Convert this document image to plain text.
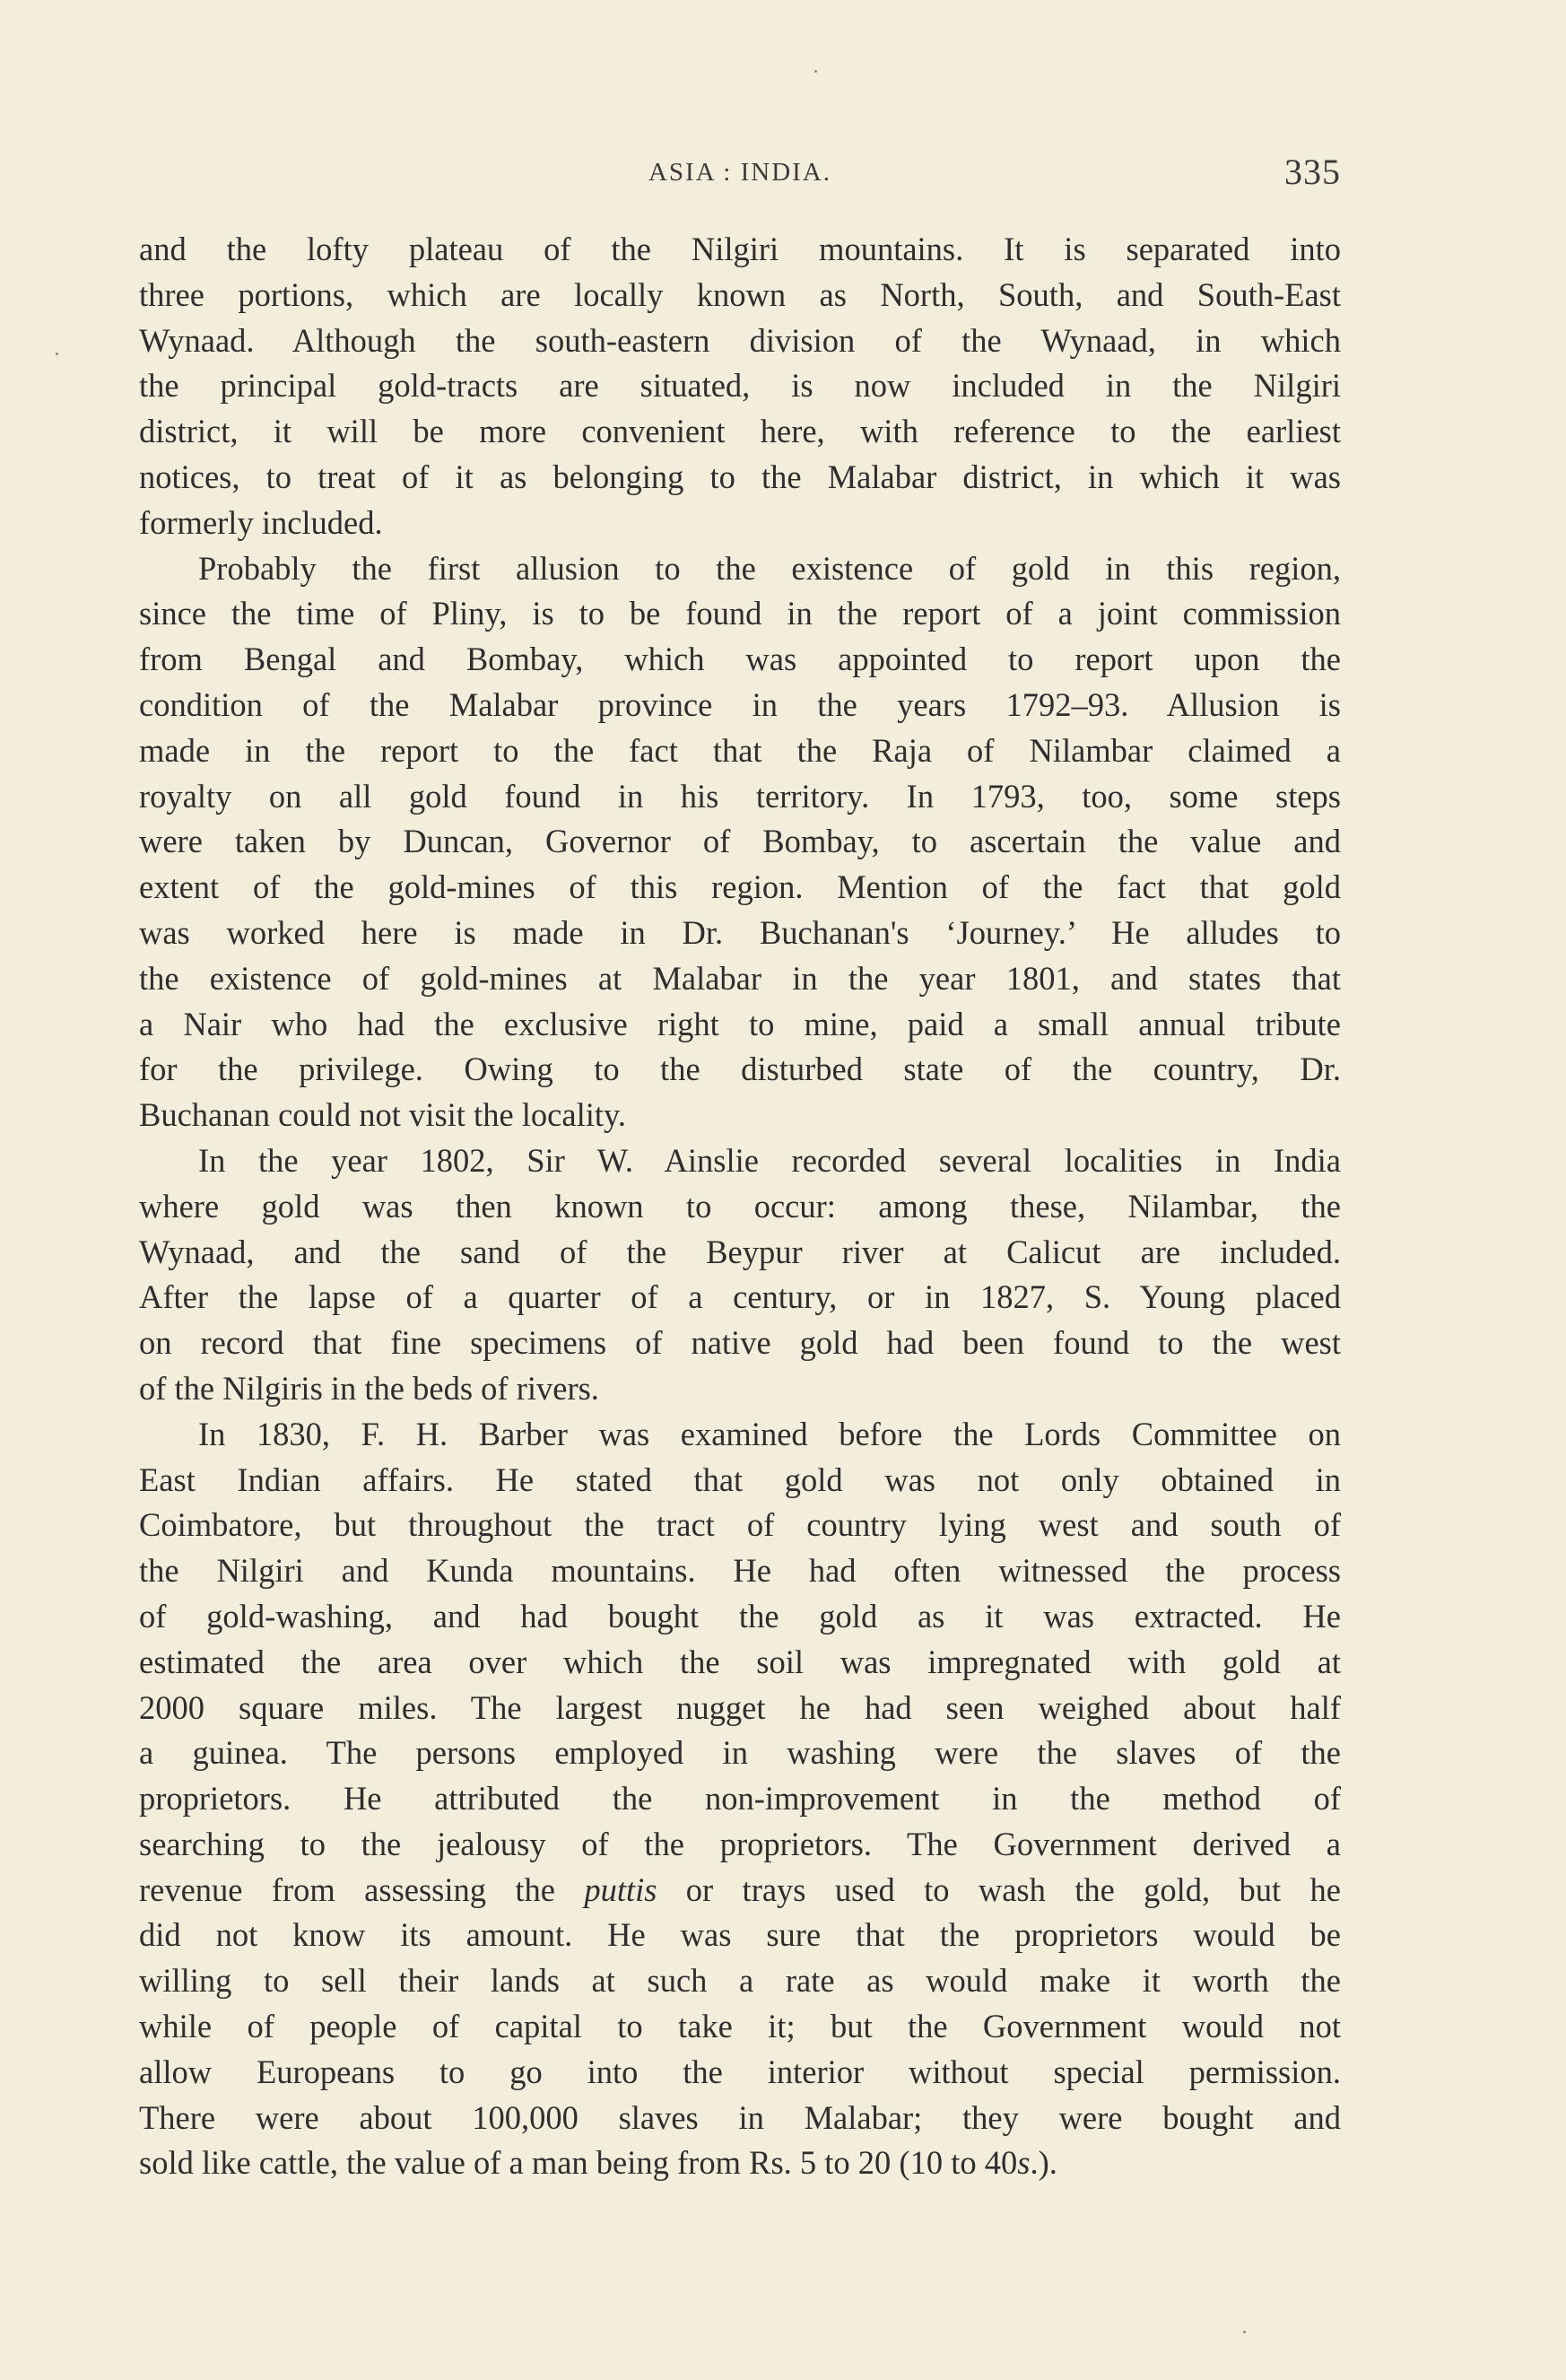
ASIA : INDIA.	335
and the lofty plateau of the Nilgiri mountains. It is separated into
three portions, which are locally known as North, South, and South-East
Wynaad. Although the south-eastern division of the Wynaad, in which
the principal gold-tracts are situated, is now included in the Nilgiri
district, it will be more convenient here, with reference to the earliest
notices, to treat of it as belonging to the Malabar district, in which it was
formerly included.
Probably the first allusion to the existence of gold in this region,
since the time of Pliny, is to be found in the report of a joint commission
from Bengal and Bombay, which was appointed to report upon the
condition of the Malabar province in the years 1792–93. Allusion is
made in the report to the fact that the Raja of Nilambar claimed a
royalty on all gold found in his territory. In 1793, too, some steps
were taken by Duncan, Governor of Bombay, to ascertain the value and
extent of the gold-mines of this region. Mention of the fact that gold
was worked here is made in Dr. Buchanan's ‘Journey.’ He alludes to
the existence of gold-mines at Malabar in the year 1801, and states that
a Nair who had the exclusive right to mine, paid a small annual tribute
for the privilege. Owing to the disturbed state of the country, Dr.
Buchanan could not visit the locality.
In the year 1802, Sir W. Ainslie recorded several localities in India
where gold was then known to occur: among these, Nilambar, the
Wynaad, and the sand of the Beypur river at Calicut are included.
After the lapse of a quarter of a century, or in 1827, S. Young placed
on record that fine specimens of native gold had been found to the west
of the Nilgiris in the beds of rivers.
In 1830, F. H. Barber was examined before the Lords Committee on
East Indian affairs. He stated that gold was not only obtained in
Coimbatore, but throughout the tract of country lying west and south of
the Nilgiri and Kunda mountains. He had often witnessed the process
of gold-washing, and had bought the gold as it was extracted. He
estimated the area over which the soil was impregnated with gold at
2000 square miles. The largest nugget he had seen weighed about half
a guinea. The persons employed in washing were the slaves of the
proprietors. He attributed the non-improvement in the method of
searching to the jealousy of the proprietors. The Government derived a
revenue from assessing the puttis or trays used to wash the gold, but he
did not know its amount. He was sure that the proprietors would be
willing to sell their lands at such a rate as would make it worth the
while of people of capital to take it; but the Government would not
allow Europeans to go into the interior without special permission.
There were about 100,000 slaves in Malabar; they were bought and
sold like cattle, the value of a man being from Rs. 5 to 20 (10 to 40s.).
